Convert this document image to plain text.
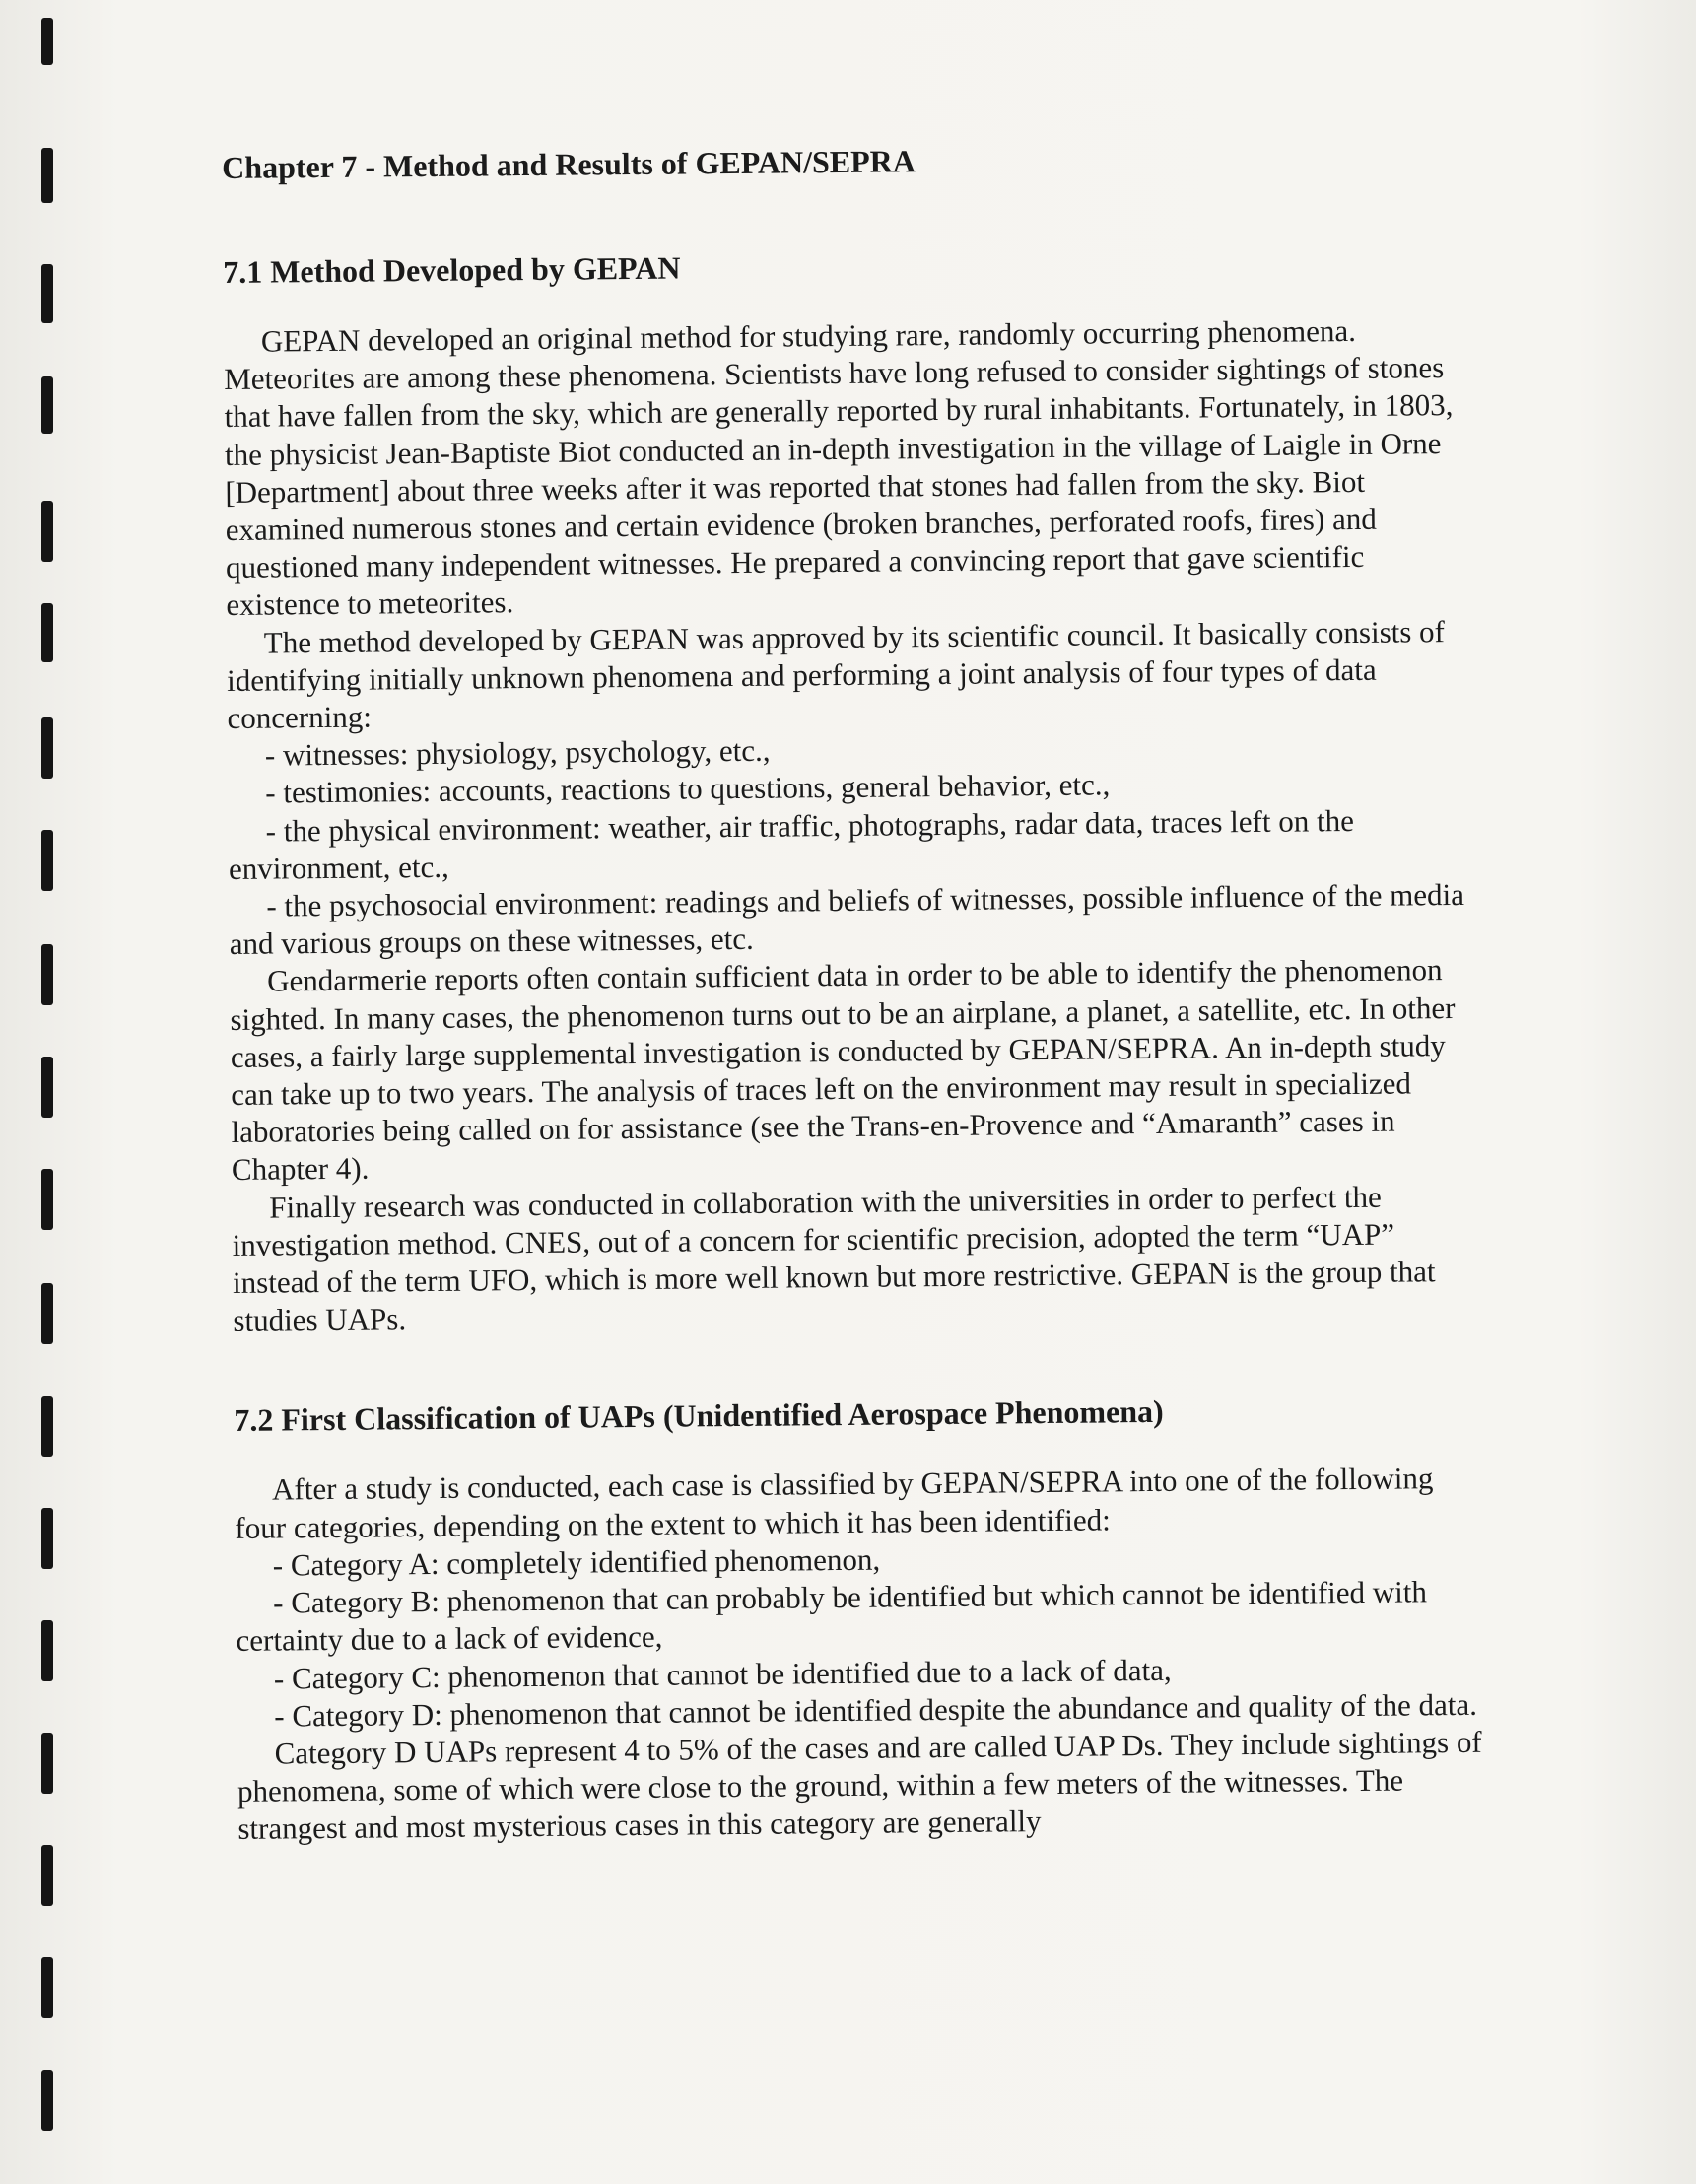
Chapter 7 - Method and Results of GEPAN/SEPRA
7.1 Method Developed by GEPAN

GEPAN developed an original method for studying rare, randomly occurring phenomena. Meteorites are among these phenomena. Scientists have long refused to consider sightings of stones that have fallen from the sky, which are generally reported by rural inhabitants. Fortunately, in 1803, the physicist Jean-Baptiste Biot conducted an in-depth investigation in the village of Laigle in Orne [Department] about three weeks after it was reported that stones had fallen from the sky. Biot examined numerous stones and certain evidence (broken branches, perforated roofs, fires) and questioned many independent witnesses. He prepared a convincing report that gave scientific existence to meteorites.

The method developed by GEPAN was approved by its scientific council. It basically consists of identifying initially unknown phenomena and performing a joint analysis of four types of data concerning:

- witnesses: physiology, psychology, etc.,
- testimonies: accounts, reactions to questions, general behavior, etc.,
- the physical environment: weather, air traffic, photographs, radar data, traces left on the environment, etc.,
- the psychosocial environment: readings and beliefs of witnesses, possible influence of the media and various groups on these witnesses, etc.

Gendarmerie reports often contain sufficient data in order to be able to identify the phenomenon sighted. In many cases, the phenomenon turns out to be an airplane, a planet, a satellite, etc. In other cases, a fairly large supplemental investigation is conducted by GEPAN/SEPRA. An in-depth study can take up to two years. The analysis of traces left on the environment may result in specialized laboratories being called on for assistance (see the Trans-en-Provence and “Amaranth” cases in Chapter 4).

Finally research was conducted in collaboration with the universities in order to perfect the investigation method. CNES, out of a concern for scientific precision, adopted the term “UAP” instead of the term UFO, which is more well known but more restrictive. GEPAN is the group that studies UAPs.

7.2 First Classification of UAPs (Unidentified Aerospace Phenomena)

After a study is conducted, each case is classified by GEPAN/SEPRA into one of the following four categories, depending on the extent to which it has been identified:

- Category A: completely identified phenomenon,
- Category B: phenomenon that can probably be identified but which cannot be identified with certainty due to a lack of evidence,
- Category C: phenomenon that cannot be identified due to a lack of data,
- Category D: phenomenon that cannot be identified despite the abundance and quality of the data.

Category D UAPs represent 4 to 5% of the cases and are called UAP Ds. They include sightings of phenomena, some of which were close to the ground, within a few meters of the witnesses. The strangest and most mysterious cases in this category are generally
